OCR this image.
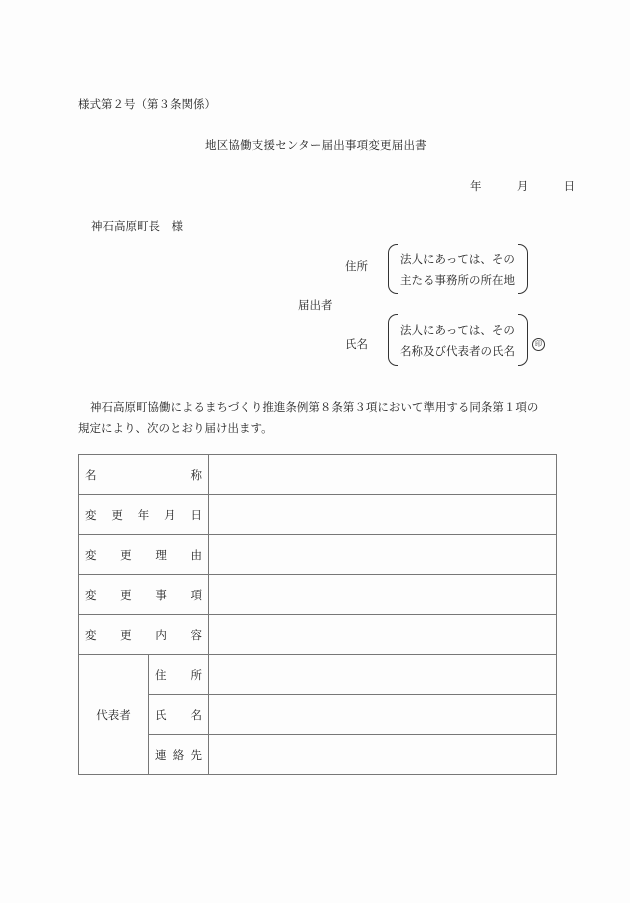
様式第２号（第３条関係）
地区協働支援センター届出事項変更届出書
年	月	日
神石高原町長　様
住所	法人にあっては、その
主たる事務所の所在地
届出者
氏名
法人にあっては、その
名称及び代表者の氏名	印
神石高原町協働によるまちづくり推進条例第８条第３項において準用する同条第１項の
規定により、次のとおり届け出ます。
名 称		

変 更 年 月 日		

変 更 理 由		

変 更 事 項		

変 更 内 容		

代表者	住 所	

	氏 名	

	連 絡 先	
